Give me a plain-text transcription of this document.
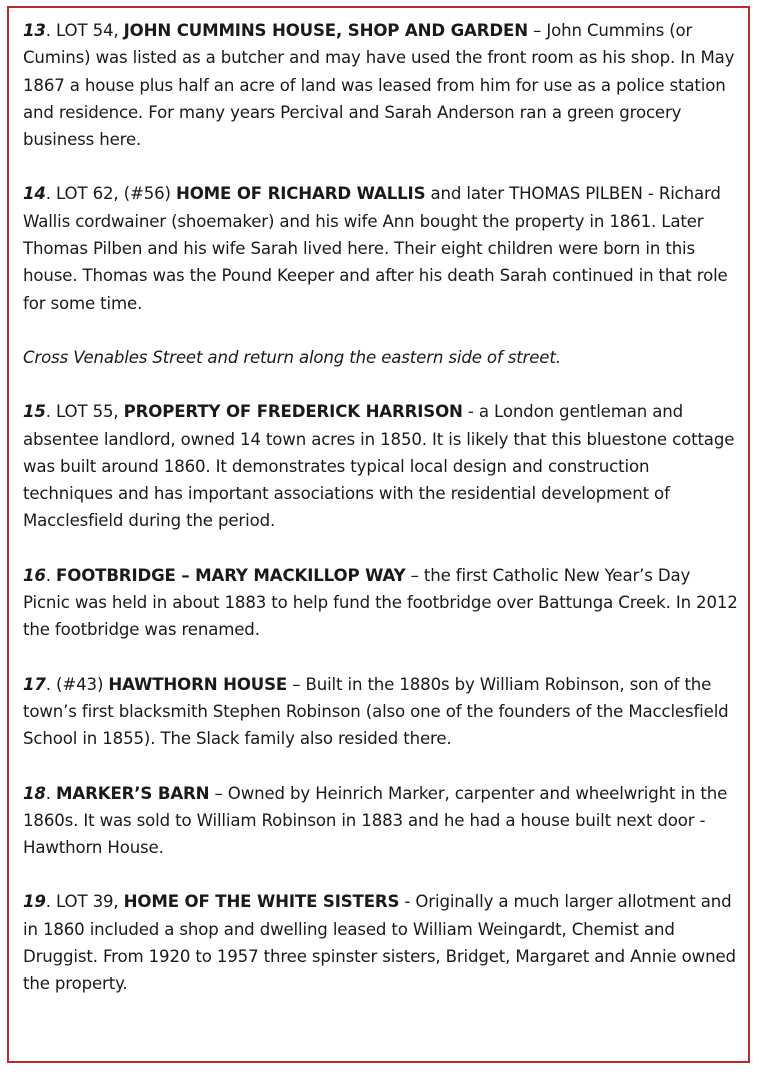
13. LOT 54, JOHN CUMMINS HOUSE, SHOP AND GARDEN – John Cummins (or Cumins) was listed as a butcher and may have used the front room as his shop. In May 1867 a house plus half an acre of land was leased from him for use as a police station and residence. For many years Percival and Sarah Anderson ran a green grocery business here.

14. LOT 62, (#56) HOME OF RICHARD WALLIS and later THOMAS PILBEN - Richard Wallis cordwainer (shoemaker) and his wife Ann bought the property in 1861. Later Thomas Pilben and his wife Sarah lived here. Their eight children were born in this house. Thomas was the Pound Keeper and after his death Sarah continued in that role for some time.

Cross Venables Street and return along the eastern side of street.

15. LOT 55, PROPERTY OF FREDERICK HARRISON - a London gentleman and absentee landlord, owned 14 town acres in 1850. It is likely that this bluestone cottage was built around 1860. It demonstrates typical local design and construction techniques and has important associations with the residential development of Macclesfield during the period.

16. FOOTBRIDGE – MARY MACKILLOP WAY – the first Catholic New Year’s Day Picnic was held in about 1883 to help fund the footbridge over Battunga Creek. In 2012 the footbridge was renamed.

17. (#43) HAWTHORN HOUSE – Built in the 1880s by William Robinson, son of the town’s first blacksmith Stephen Robinson (also one of the founders of the Macclesfield School in 1855). The Slack family also resided there.

18. MARKER’S BARN – Owned by Heinrich Marker, carpenter and wheelwright in the 1860s. It was sold to William Robinson in 1883 and he had a house built next door - Hawthorn House.

19. LOT 39, HOME OF THE WHITE SISTERS - Originally a much larger allotment and in 1860 included a shop and dwelling leased to William Weingardt, Chemist and Druggist. From 1920 to 1957 three spinster sisters, Bridget, Margaret and Annie owned the property.
